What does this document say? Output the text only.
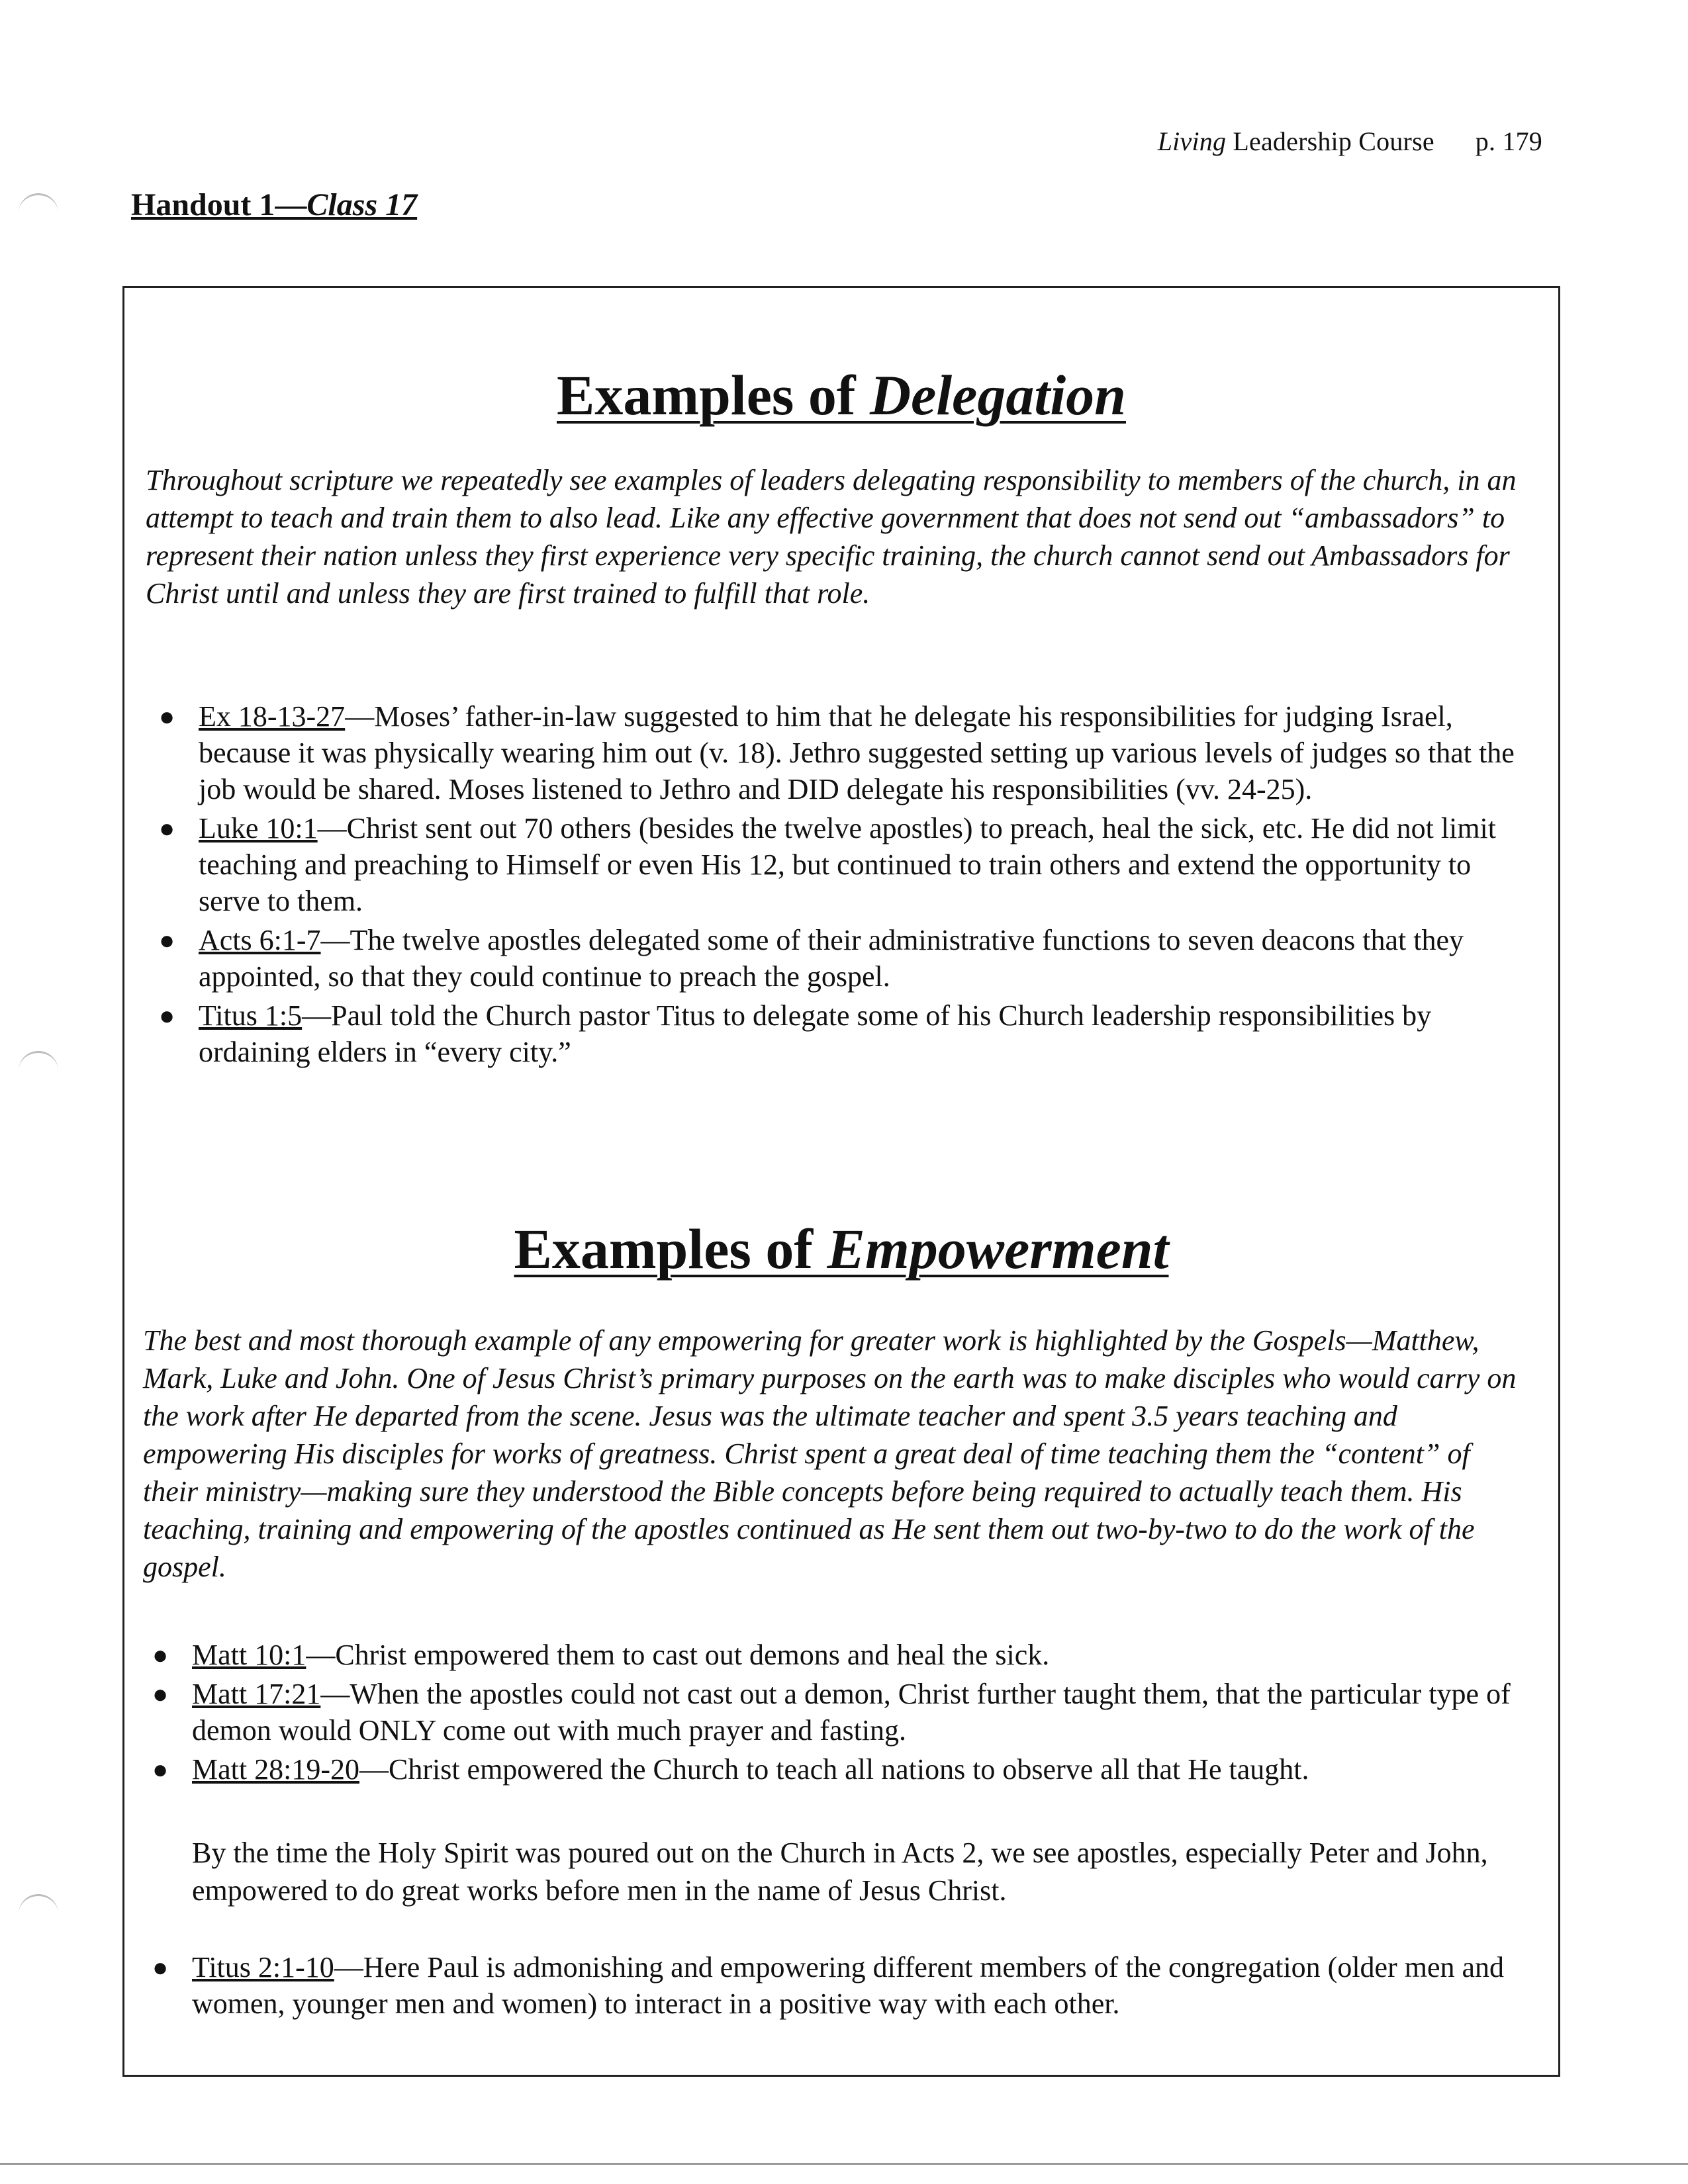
Living Leadership Course p. 179
Handout 1—Class 17
Examples of Delegation

Throughout scripture we repeatedly see examples of leaders delegating responsibility to members of the church, in an attempt to teach and train them to also lead. Like any effective government that does not send out “ambassadors” to represent their nation unless they first experience very specific training, the church cannot send out Ambassadors for Christ until and unless they are first trained to fulfill that role.

● Ex 18-13-27—Moses’ father-in-law suggested to him that he delegate his responsibilities for judging Israel, because it was physically wearing him out (v. 18). Jethro suggested setting up various levels of judges so that the job would be shared. Moses listened to Jethro and DID delegate his responsibilities (vv. 24-25).
● Luke 10:1—Christ sent out 70 others (besides the twelve apostles) to preach, heal the sick, etc. He did not limit teaching and preaching to Himself or even His 12, but continued to train others and extend the opportunity to serve to them.
● Acts 6:1-7—The twelve apostles delegated some of their administrative functions to seven deacons that they appointed, so that they could continue to preach the gospel.
● Titus 1:5—Paul told the Church pastor Titus to delegate some of his Church leadership responsibilities by ordaining elders in “every city.”
Examples of Empowerment

The best and most thorough example of any empowering for greater work is highlighted by the Gospels—Matthew, Mark, Luke and John. One of Jesus Christ’s primary purposes on the earth was to make disciples who would carry on the work after He departed from the scene. Jesus was the ultimate teacher and spent 3.5 years teaching and empowering His disciples for works of greatness. Christ spent a great deal of time teaching them the “content” of their ministry—making sure they understood the Bible concepts before being required to actually teach them. His teaching, training and empowering of the apostles continued as He sent them out two-by-two to do the work of the gospel.

● Matt 10:1—Christ empowered them to cast out demons and heal the sick.
● Matt 17:21—When the apostles could not cast out a demon, Christ further taught them, that the particular type of demon would ONLY come out with much prayer and fasting.
● Matt 28:19-20—Christ empowered the Church to teach all nations to observe all that He taught.

By the time the Holy Spirit was poured out on the Church in Acts 2, we see apostles, especially Peter and John, empowered to do great works before men in the name of Jesus Christ.

● Titus 2:1-10—Here Paul is admonishing and empowering different members of the congregation (older men and women, younger men and women) to interact in a positive way with each other.
